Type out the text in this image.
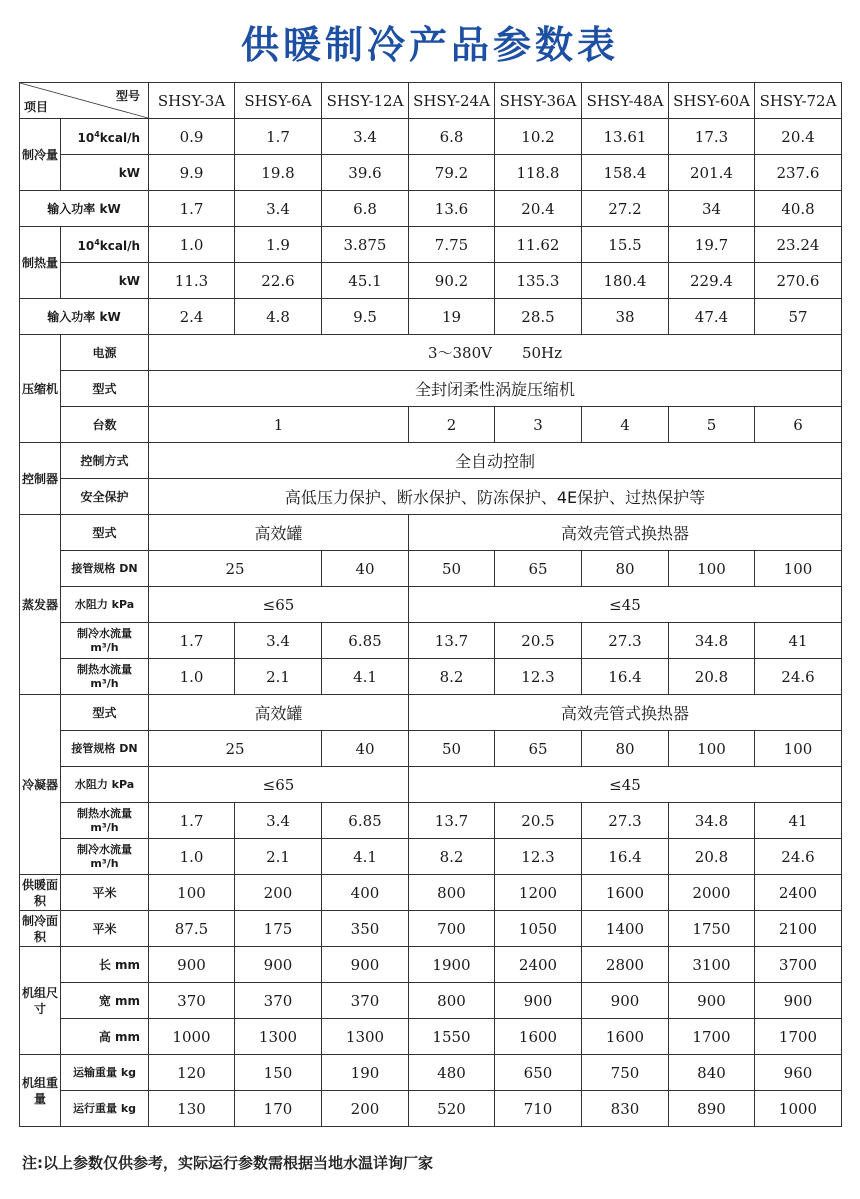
供暖制冷产品参数表
型号
项目		SHSY-3A	SHSY-6A	SHSY-12A	SHSY-24A	SHSY-36A	SHSY-48A	SHSY-60A	SHSY-72A
制冷量	$10^4kcal/h$	0.9	1.7	3.4	6.8	10.2	13.61	17.3	20.4
	kW	9.9	19.8	39.6	79.2	118.8	158.4	201.4	237.6
输入功率 kW		1.7	3.4	6.8	13.6	20.4	27.2	34	40.8
制热量	$10^4kcal/h$	1.0	1.9	3.875	7.75	11.62	15.5	19.7	23.24
	kW	11.3	22.6	45.1	90.2	135.3	180.4	229.4	270.6
输入功率 kW		2.4	4.8	9.5	19	28.5	38	47.4	57
压缩机	电源	3～380V　　50Hz							
	型式	全封闭柔性涡旋压缩机							
	台数	1			2	3	4	5	6
控制器	控制方式	全自动控制							
	安全保护	高低压力保护、断水保护、防冻保护、4E保护、过热保护等							
蒸发器	型式	高效罐			高效壳管式换热器				
	接管规格 DN	25		40	50	65	80	100	100
	水阻力 kPa	≤65			≤45				
	制冷水流量
m³/h	1.7	3.4	6.85	13.7	20.5	27.3	34.8	41
	制热水流量
m³/h	1.0	2.1	4.1	8.2	12.3	16.4	20.8	24.6
冷凝器	型式	高效罐			高效壳管式换热器				
	接管规格 DN	25		40	50	65	80	100	100
	水阻力 kPa	≤65			≤45				
	制热水流量
m³/h	1.7	3.4	6.85	13.7	20.5	27.3	34.8	41
	制冷水流量
m³/h	1.0	2.1	4.1	8.2	12.3	16.4	20.8	24.6
供暖面积	平米	100	200	400	800	1200	1600	2000	2400
制冷面积	平米	87.5	175	350	700	1050	1400	1750	2100
机组尺寸	长 mm	900	900	900	1900	2400	2800	3100	3700
	宽 mm	370	370	370	800	900	900	900	900
	高 mm	1000	1300	1300	1550	1600	1600	1700	1700
机组重量	运输重量 kg	120	150	190	480	650	750	840	960
	运行重量 kg	130	170	200	520	710	830	890	1000
注:以上参数仅供参考，实际运行参数需根据当地水温详询厂家
